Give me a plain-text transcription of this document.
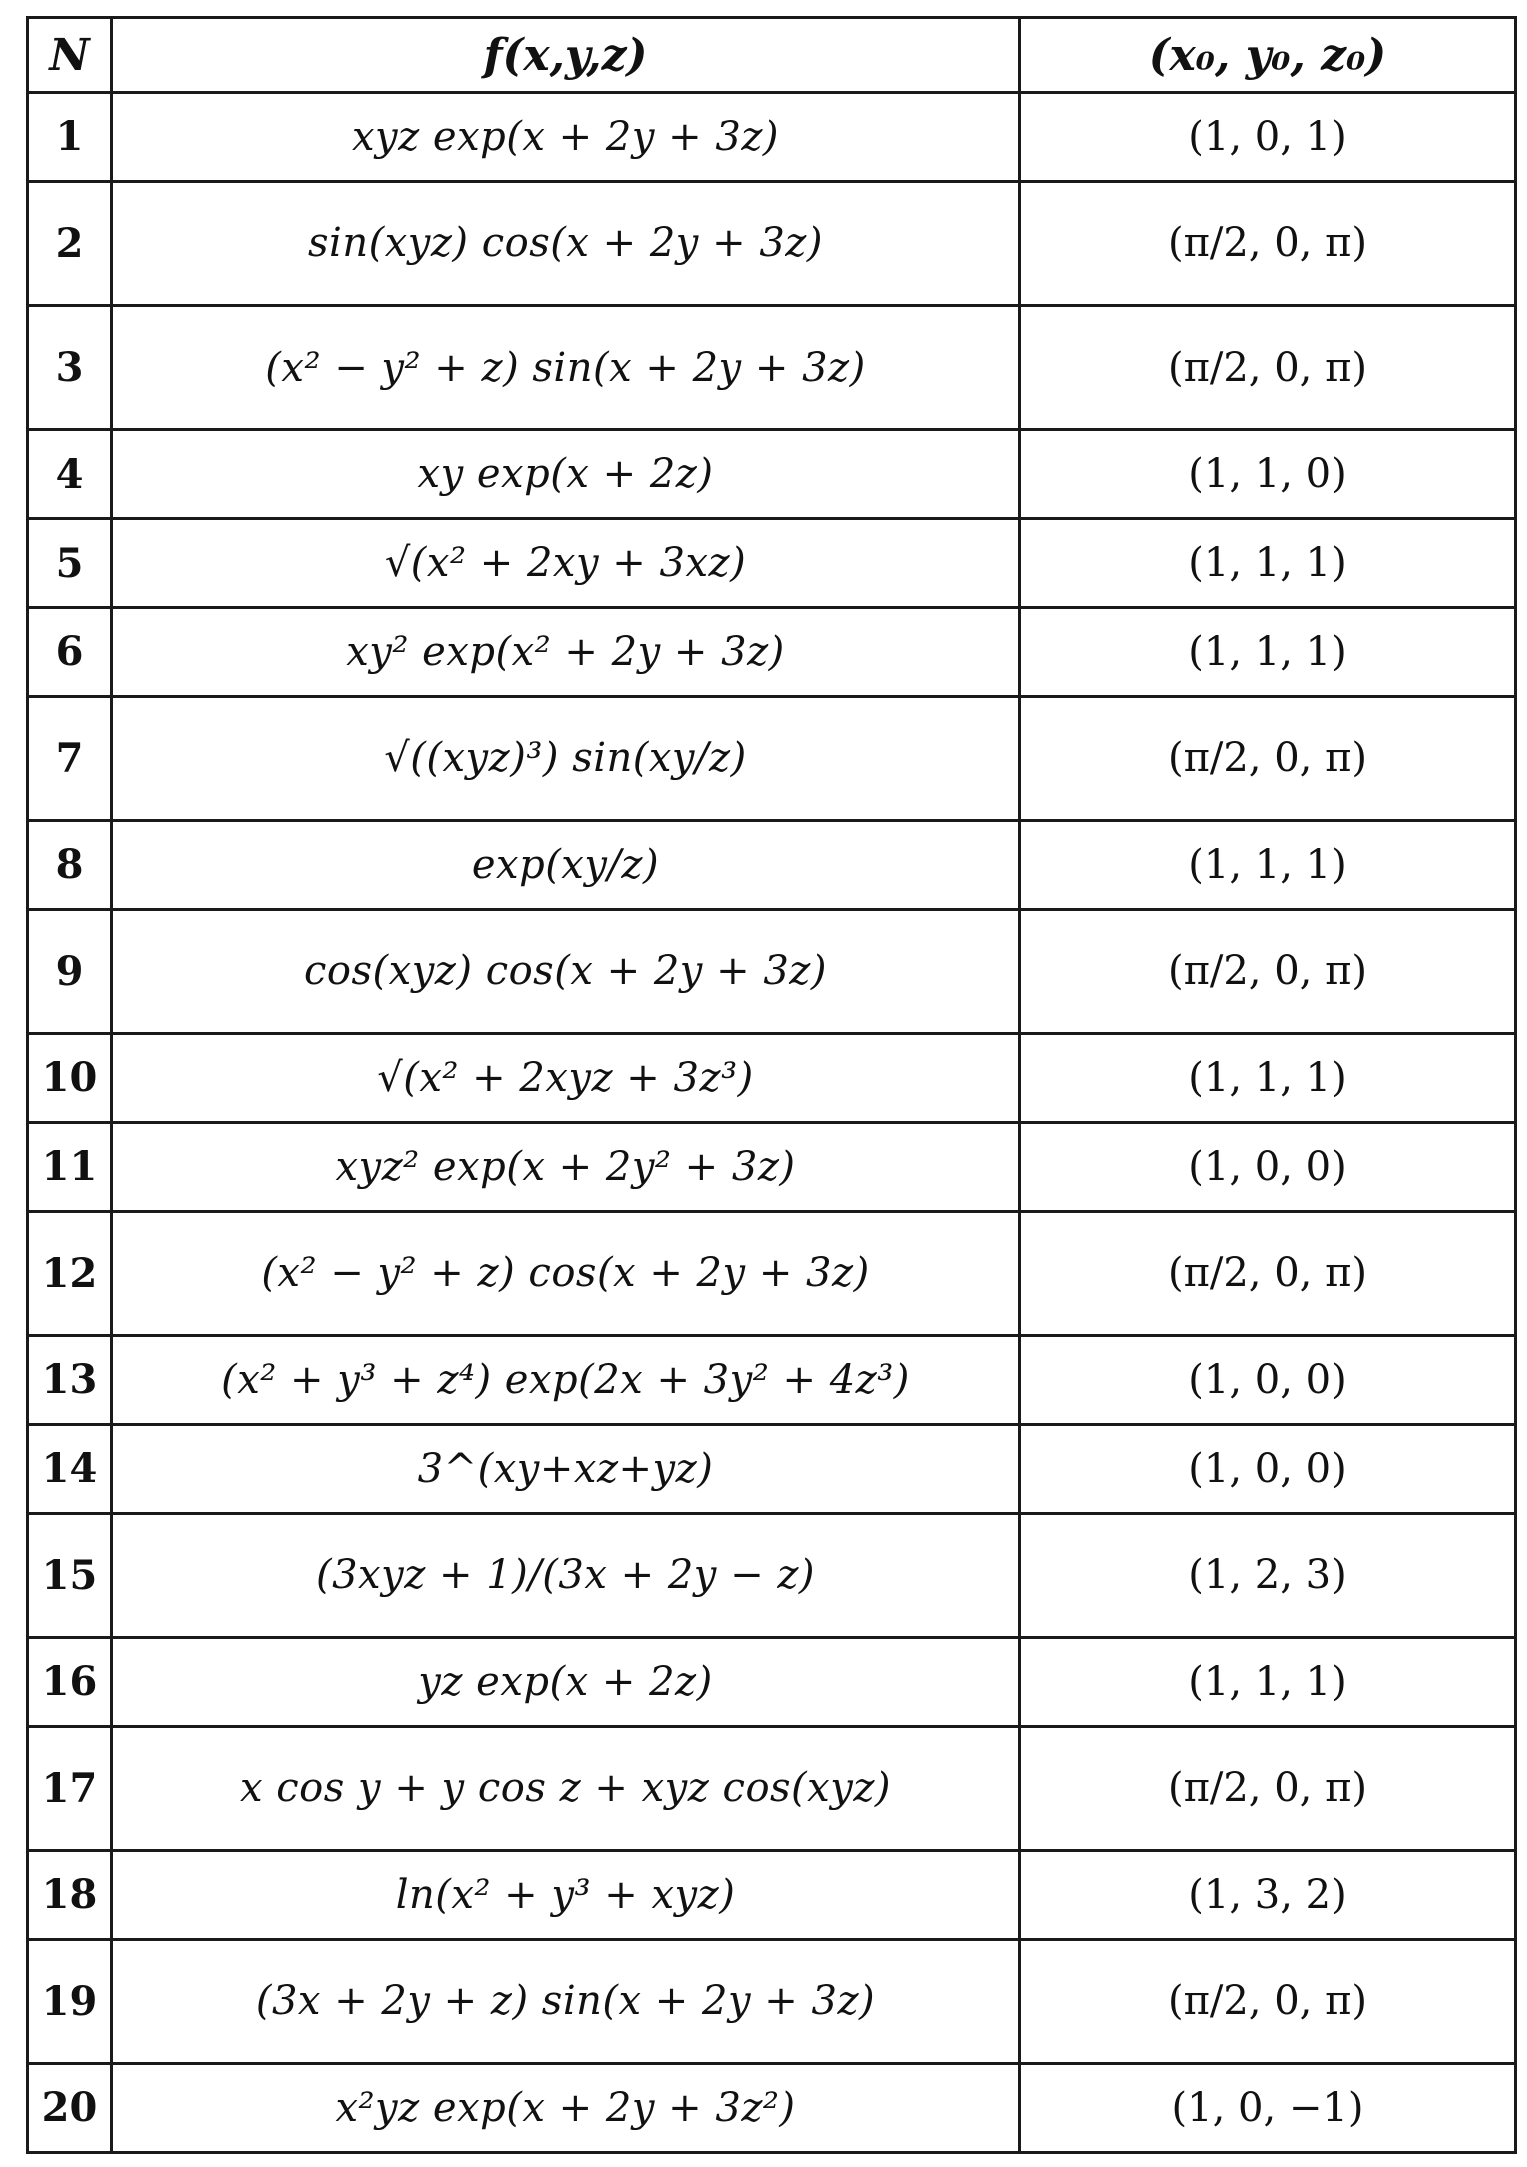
N	f(x,y,z)	(x₀, y₀, z₀)
1	xyz exp(x + 2y + 3z)	(1, 0, 1)
2	sin(xyz) cos(x + 2y + 3z)	(π/2, 0, π)
3	(x² − y² + z) sin(x + 2y + 3z)	(π/2, 0, π)
4	xy exp(x + 2z)	(1, 1, 0)
5	√(x² + 2xy + 3xz)	(1, 1, 1)
6	xy² exp(x² + 2y + 3z)	(1, 1, 1)
7	√((xyz)³) sin(xy/z)	(π/2, 0, π)
8	exp(xy/z)	(1, 1, 1)
9	cos(xyz) cos(x + 2y + 3z)	(π/2, 0, π)
10	√(x² + 2xyz + 3z³)	(1, 1, 1)
11	xyz² exp(x + 2y² + 3z)	(1, 0, 0)
12	(x² − y² + z) cos(x + 2y + 3z)	(π/2, 0, π)
13	(x² + y³ + z⁴) exp(2x + 3y² + 4z³)	(1, 0, 0)
14	3^(xy+xz+yz)	(1, 0, 0)
15	(3xyz + 1)/(3x + 2y − z)	(1, 2, 3)
16	yz exp(x + 2z)	(1, 1, 1)
17	x cos y + y cos z + xyz cos(xyz)	(π/2, 0, π)
18	ln(x² + y³ + xyz)	(1, 3, 2)
19	(3x + 2y + z) sin(x + 2y + 3z)	(π/2, 0, π)
20	x²yz exp(x + 2y + 3z²)	(1, 0, −1)
